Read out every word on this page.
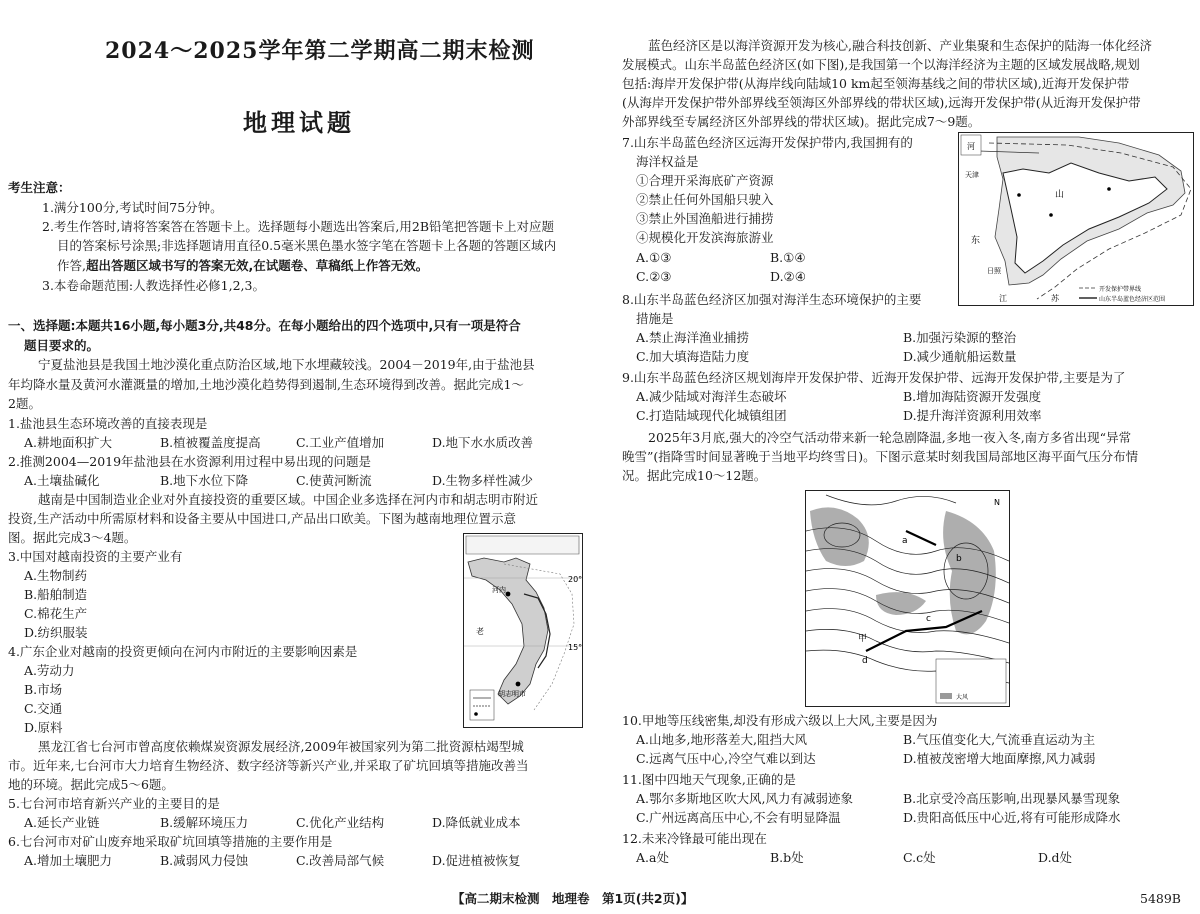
2024～2025学年第二学期高二期末检测
地理试题
考生注意：
1.满分100分,考试时间75分钟。
2.考生作答时,请将答案答在答题卡上。选择题每小题选出答案后,用2B铅笔把答题卡上对应题
目的答案标号涂黑;非选择题请用直径0.5毫米黑色墨水签字笔在答题卡上各题的答题区域内
作答,超出答题区域书写的答案无效,在试题卷、草稿纸上作答无效。
3.本卷命题范围:人教选择性必修1,2,3。
一、选择题:本题共16小题,每小题3分,共48分。在每小题给出的四个选项中,只有一项是符合
题目要求的。
宁夏盐池县是我国土地沙漠化重点防治区域,地下水埋藏较浅。2004－2019年,由于盐池县
年均降水量及黄河水灌溉量的增加,土地沙漠化趋势得到遏制,生态环境得到改善。据此完成1～
2题。
1.盐池县生态环境改善的直接表现是
A.耕地面积扩大	B.植被覆盖度提高	C.工业产值增加	D.地下水水质改善
2.推测2004—2019年盐池县在水资源利用过程中易出现的问题是
A.土壤盐碱化	B.地下水位下降	C.使黄河断流	D.生物多样性减少
越南是中国制造业企业对外直接投资的重要区域。中国企业多选择在河内市和胡志明市附近
投资,生产活动中所需原材料和设备主要从中国进口,产品出口欧美。下图为越南地理位置示意
图。据此完成3～4题。
3.中国对越南投资的主要产业有
A.生物制药
B.船舶制造
C.棉花生产
D.纺织服装
4.广东企业对越南的投资更倾向在河内市附近的主要影响因素是
A.劳动力
B.市场
C.交通
D.原料
20°
15°
老
河内
胡志明市
黑龙江省七台河市曾高度依赖煤炭资源发展经济,2009年被国家列为第二批资源枯竭型城
市。近年来,七台河市大力培育生物经济、数字经济等新兴产业,并采取了矿坑回填等措施改善当
地的环境。据此完成5～6题。
5.七台河市培育新兴产业的主要目的是
A.延长产业链	B.缓解环境压力	C.优化产业结构	D.降低就业成本
6.七台河市对矿山废弃地采取矿坑回填等措施的主要作用是
A.增加土壤肥力	B.减弱风力侵蚀	C.改善局部气候	D.促进植被恢复
蓝色经济区是以海洋资源开发为核心,融合科技创新、产业集聚和生态保护的陆海一体化经济
发展模式。山东半岛蓝色经济区(如下图),是我国第一个以海洋经济为主题的区域发展战略,规划
包括:海岸开发保护带(从海岸线向陆域10 km起至领海基线之间的带状区域),近海开发保护带
(从海岸开发保护带外部界线至领海区外部界线的带状区域),远海开发保护带(从近海开发保护带
外部界线至专属经济区外部界线的带状区域)。据此完成7～9题。
7.山东半岛蓝色经济区远海开发保护带内,我国拥有的
海洋权益是
①合理开采海底矿产资源
②禁止任何外国船只驶入
③禁止外国渔船进行捕捞
④规模化开发滨海旅游业
A.①③	B.①④
C.②③	D.②④
河
山
东
天津
江	苏
日照
开发保护带界线
山东半岛蓝色经济区范围
8.山东半岛蓝色经济区加强对海洋生态环境保护的主要
措施是
A.禁止海洋渔业捕捞	B.加强污染源的整治
C.加大填海造陆力度	D.减少通航船运数量
9.山东半岛蓝色经济区规划海岸开发保护带、近海开发保护带、远海开发保护带,主要是为了
A.减少陆域对海洋生态破坏	B.增加海陆资源开发强度
C.打造陆域现代化城镇组团	D.提升海洋资源利用效率
2025年3月底,强大的冷空气活动带来新一轮急剧降温,多地一夜入冬,南方多省出现“异常
晚雪”(指降雪时间显著晚于当地平均终雪日)。下图示意某时刻我国局部地区海平面气压分布情
况。据此完成10～12题。
甲
a
b
c
d
N
大风
10.甲地等压线密集,却没有形成六级以上大风,主要是因为
A.山地多,地形落差大,阻挡大风	B.气压值变化大,气流垂直运动为主
C.远离气压中心,冷空气难以到达	D.植被茂密增大地面摩擦,风力减弱
11.图中四地天气现象,正确的是
A.鄂尔多斯地区吹大风,风力有减弱迹象	B.北京受冷高压影响,出现暴风暴雪现象
C.广州远离高压中心,不会有明显降温	D.贵阳高低压中心近,将有可能形成降水
12.未来冷锋最可能出现在
A.a处	B.b处	C.c处	D.d处
【高二期末检测　地理卷　第1页(共2页)】	5489B
